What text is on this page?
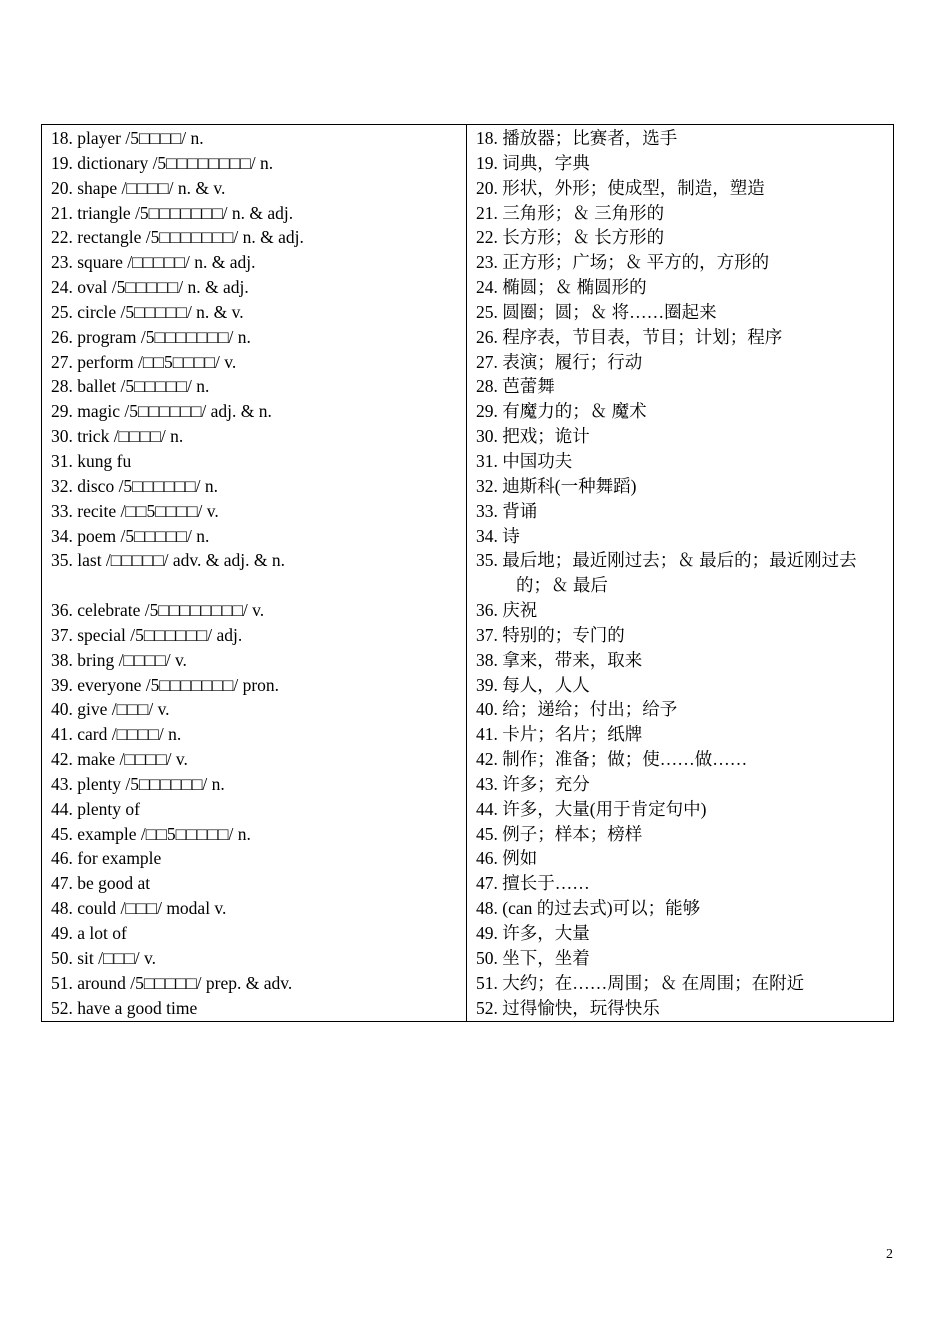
18. player /5□□□□/ n.
19. dictionary /5□□□□□□□□/ n.
20. shape /□□□□/ n. & v.
21. triangle /5□□□□□□□/ n. & adj.
22. rectangle /5□□□□□□□/ n. & adj.
23. square /□□□□□/ n. & adj.
24. oval /5□□□□□/ n. & adj.
25. circle /5□□□□□/ n. & v.
26. program /5□□□□□□□/ n.
27. perform /□□5□□□□/ v.
28. ballet /5□□□□□/ n.
29. magic /5□□□□□□/ adj. & n.
30. trick /□□□□/ n.
31. kung fu
32. disco /5□□□□□□/ n.
33. recite /□□5□□□□/ v.
34. poem /5□□□□□/ n.
35. last /□□□□□/ adv. & adj. & n.
36. celebrate /5□□□□□□□□/ v.
37. special /5□□□□□□/ adj.
38. bring /□□□□/ v.
39. everyone /5□□□□□□□/ pron.
40. give /□□□/ v.
41. card /□□□□/ n.
42. make /□□□□/ v.
43. plenty /5□□□□□□/ n.
44. plenty of
45. example /□□5□□□□□/ n.
46. for example
47. be good at
48. could /□□□/ modal v.
49. a lot of
50. sit /□□□/ v.
51. around /5□□□□□/ prep. & adv.
52. have a good time
18. 播放器；比赛者，选手
19. 词典，字典
20. 形状，外形；使成型，制造，塑造
21. 三角形；＆ 三角形的
22. 长方形；＆ 长方形的
23. 正方形；广场；＆ 平方的，方形的
24. 椭圆；＆ 椭圆形的
25. 圆圈；圆；＆ 将……圈起来
26. 程序表，节目表，节目；计划；程序
27. 表演；履行；行动
28. 芭蕾舞
29. 有魔力的；＆ 魔术
30. 把戏；诡计
31. 中国功夫
32. 迪斯科(一种舞蹈)
33. 背诵
34. 诗
35. 最后地；最近刚过去；＆ 最后的；最近刚过去的；＆ 最后
36. 庆祝
37. 特别的；专门的
38. 拿来，带来，取来
39. 每人，人人
40. 给；递给；付出；给予
41. 卡片；名片；纸牌
42. 制作；准备；做；使……做……
43. 许多；充分
44. 许多，大量(用于肯定句中)
45. 例子；样本；榜样
46. 例如
47. 擅长于……
48. (can 的过去式)可以；能够
49. 许多，大量
50. 坐下，坐着
51. 大约；在……周围；＆ 在周围；在附近
52. 过得愉快，玩得快乐
2
